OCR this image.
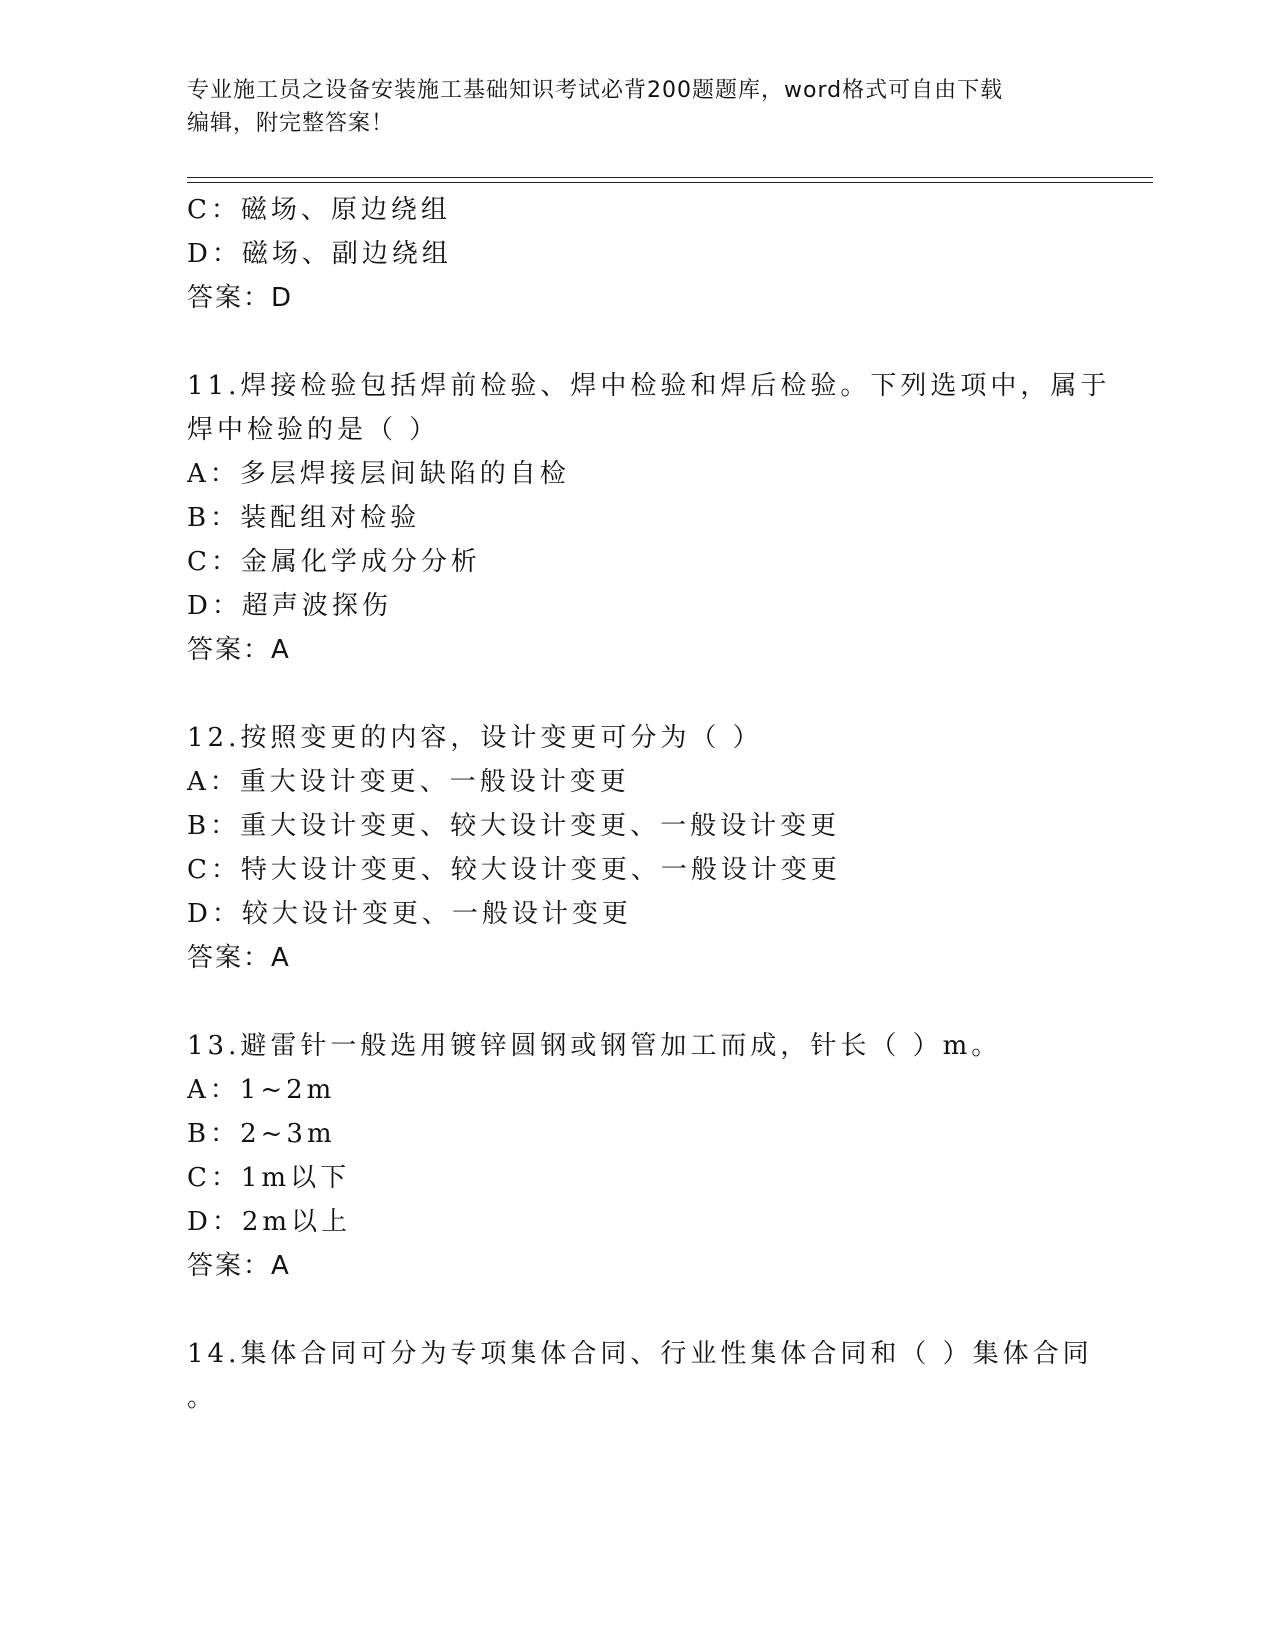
专业施工员之设备安装施工基础知识考试必背200题题库，word格式可自由下载
编辑，附完整答案！
C：磁场、原边绕组
D：磁场、副边绕组
答案：D
11.焊接检验包括焊前检验、焊中检验和焊后检验。下列选项中，属于
焊中检验的是（ ）
A：多层焊接层间缺陷的自检
B：装配组对检验
C：金属化学成分分析
D：超声波探伤
答案：A
12.按照变更的内容，设计变更可分为（ ）
A：重大设计变更、一般设计变更
B：重大设计变更、较大设计变更、一般设计变更
C：特大设计变更、较大设计变更、一般设计变更
D：较大设计变更、一般设计变更
答案：A
13.避雷针一般选用镀锌圆钢或钢管加工而成，针长（ ）m。
A：1~2m
B：2~3m
C：1m以下
D：2m以上
答案：A
14.集体合同可分为专项集体合同、行业性集体合同和（ ）集体合同
。
